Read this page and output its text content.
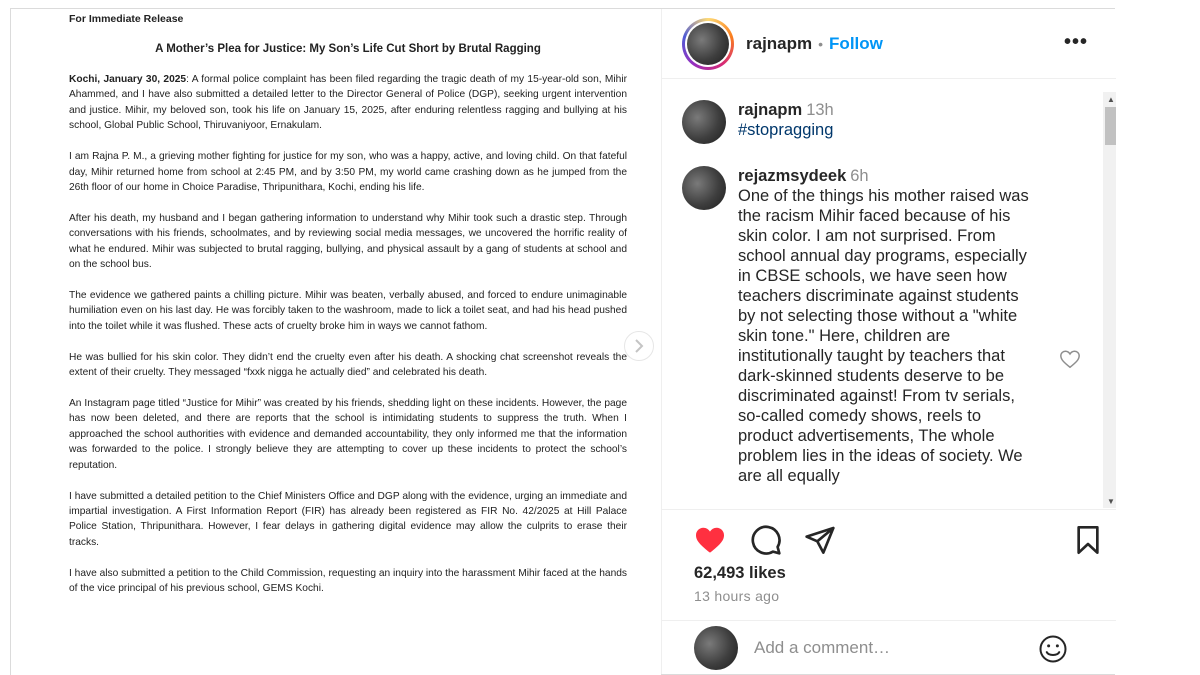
For Immediate Release
A Mother’s Plea for Justice: My Son’s Life Cut Short by Brutal Ragging

Kochi, January 30, 2025: A formal police complaint has been filed regarding the tragic death of my 15-year-old son, Mihir Ahammed, and I have also submitted a detailed letter to the Director General of Police (DGP), seeking urgent intervention and justice. Mihir, my beloved son, took his life on January 15, 2025, after enduring relentless ragging and bullying at his school, Global Public School, Thiruvaniyoor, Ernakulam.

I am Rajna P. M., a grieving mother fighting for justice for my son, who was a happy, active, and loving child. On that fateful day, Mihir returned home from school at 2:45 PM, and by 3:50 PM, my world came crashing down as he jumped from the 26th floor of our home in Choice Paradise, Thripunithara, Kochi, ending his life.

After his death, my husband and I began gathering information to understand why Mihir took such a drastic step. Through conversations with his friends, schoolmates, and by reviewing social media messages, we uncovered the horrific reality of what he endured. Mihir was subjected to brutal ragging, bullying, and physical assault by a gang of students at school and on the school bus.

The evidence we gathered paints a chilling picture. Mihir was beaten, verbally abused, and forced to endure unimaginable humiliation even on his last day. He was forcibly taken to the washroom, made to lick a toilet seat, and had his head pushed into the toilet while it was flushed. These acts of cruelty broke him in ways we cannot fathom.

He was bullied for his skin color. They didn’t end the cruelty even after his death. A shocking chat screenshot reveals the extent of their cruelty. They messaged “fxxk nigga he actually died” and celebrated his death.

An Instagram page titled “Justice for Mihir” was created by his friends, shedding light on these incidents. However, the page has now been deleted, and there are reports that the school is intimidating students to suppress the truth. When I approached the school authorities with evidence and demanded accountability, they only informed me that the information was forwarded to the police. I strongly believe they are attempting to cover up these incidents to protect the school’s reputation.

I have submitted a detailed petition to the Chief Ministers Office and DGP along with the evidence, urging an immediate and impartial investigation. A First Information Report (FIR) has already been registered as FIR No. 42/2025 at Hill Palace Police Station, Thripunithara. However, I fear delays in gathering digital evidence may allow the culprits to erase their tracks.

I have also submitted a petition to the Child Commission, requesting an inquiry into the harassment Mihir faced at the hands of the vice principal of his previous school, GEMS Kochi.

rajnapm • Follow	•••
rajnapm 13h
#stopragging
rejazmsydeek 6h
One of the things his mother raised was the racism Mihir faced because of his skin color. I am not surprised. From school annual day programs, especially in CBSE schools, we have seen how teachers discriminate against students by not selecting those without a "white skin tone." Here, children are institutionally taught by teachers that dark-skinned students deserve to be discriminated against! From tv serials, so-called comedy shows, reels to product advertisements, The whole problem lies in the ideas of society. We are all equally
▲
▼
62,493 likes
13 hours ago
Add a comment…
